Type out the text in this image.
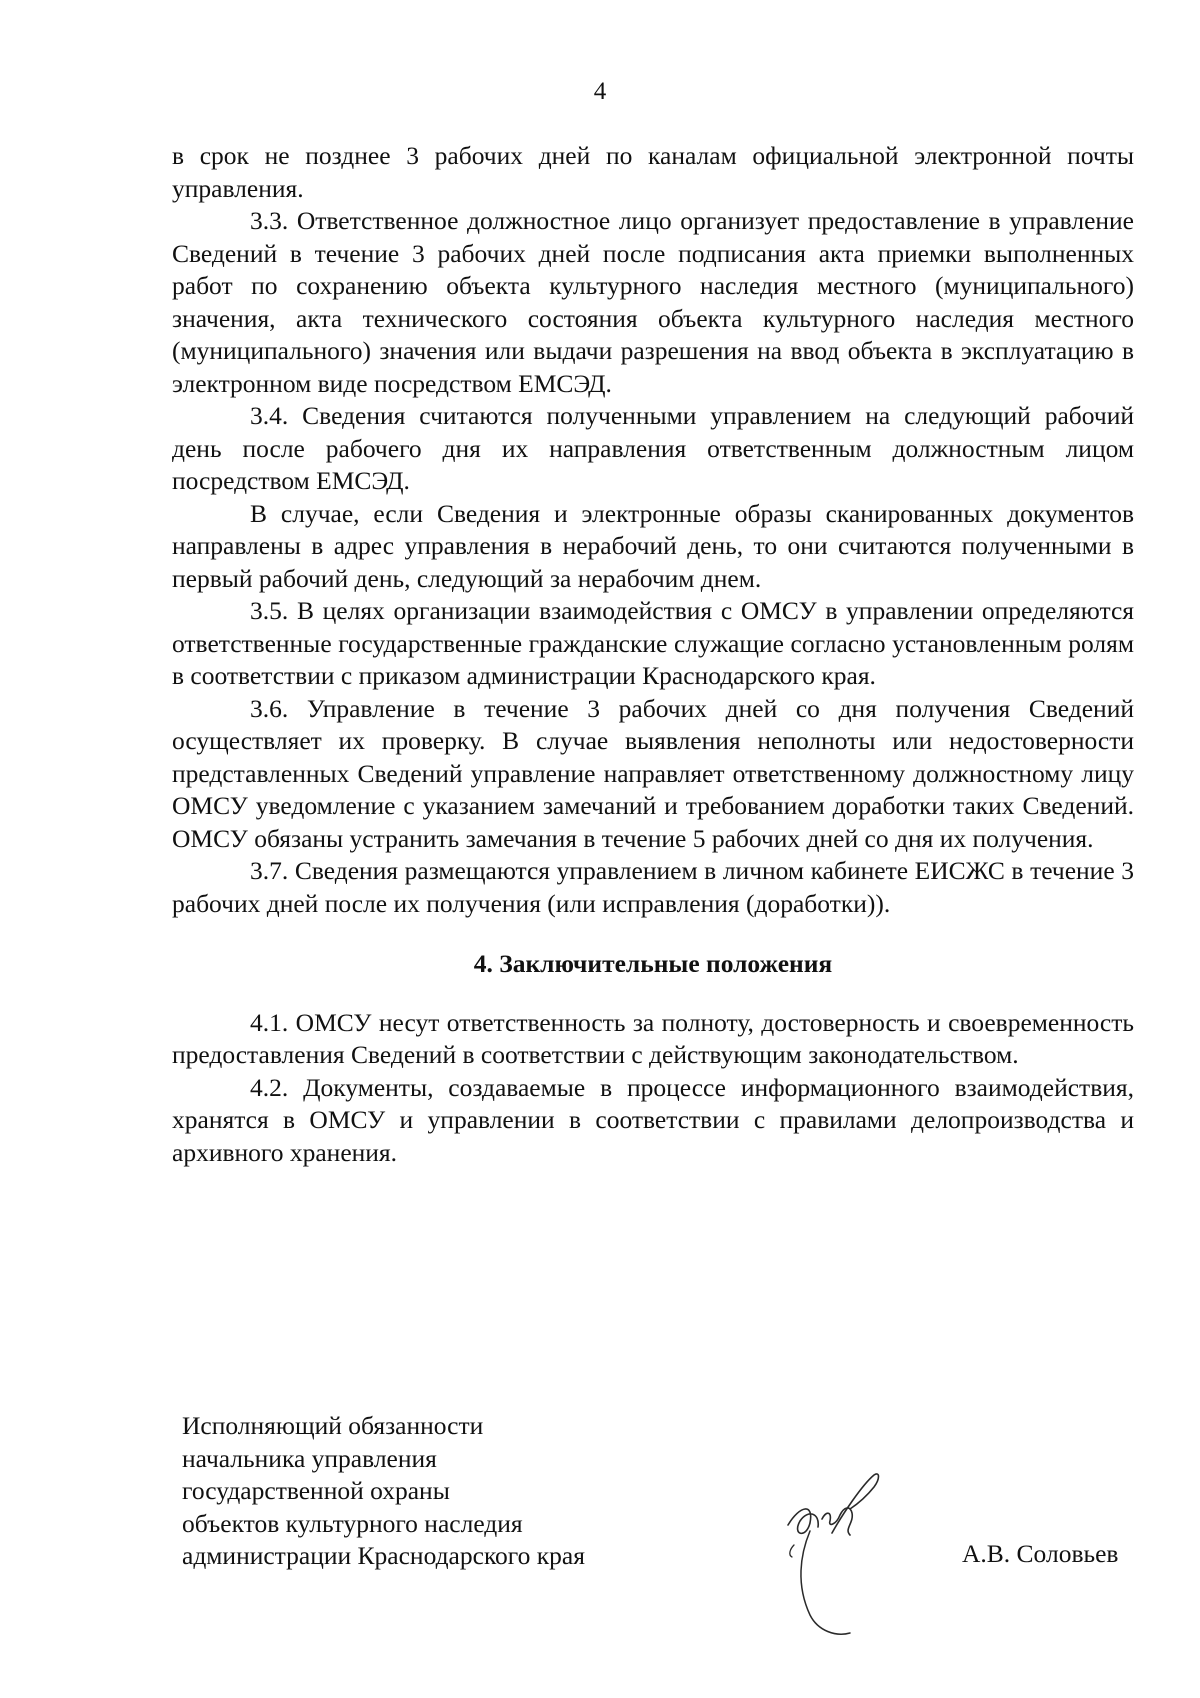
4

в срок не позднее 3 рабочих дней по каналам официальной электронной почты управления.

3.3. Ответственное должностное лицо организует предоставление в управление Сведений в течение 3 рабочих дней после подписания акта приемки выполненных работ по сохранению объекта культурного наследия местного (муниципального) значения, акта технического состояния объекта культурного наследия местного (муниципального) значения или выдачи разрешения на ввод объекта в эксплуатацию в электронном виде посредством ЕМСЭД.

3.4. Сведения считаются полученными управлением на следующий рабочий день после рабочего дня их направления ответственным должностным лицом посредством ЕМСЭД.

В случае, если Сведения и электронные образы сканированных документов направлены в адрес управления в нерабочий день, то они считаются полученными в первый рабочий день, следующий за нерабочим днем.

3.5. В целях организации взаимодействия с ОМСУ в управлении определяются ответственные государственные гражданские служащие согласно установленным ролям в соответствии с приказом администрации Краснодарского края.

3.6. Управление в течение 3 рабочих дней со дня получения Сведений осуществляет их проверку. В случае выявления неполноты или недостоверности представленных Сведений управление направляет ответственному должностному лицу ОМСУ уведомление с указанием замечаний и требованием доработки таких Сведений. ОМСУ обязаны устранить замечания в течение 5 рабочих дней со дня их получения.

3.7. Сведения размещаются управлением в личном кабинете ЕИСЖС в течение 3 рабочих дней после их получения (или исправления (доработки)).

4. Заключительные положения

4.1. ОМСУ несут ответственность за полноту, достоверность и своевременность предоставления Сведений в соответствии с действующим законодательством.

4.2. Документы, создаваемые в процессе информационного взаимодействия, хранятся в ОМСУ и управлении в соответствии с правилами делопроизводства и архивного хранения.

Исполняющий обязанности
начальника управления
государственной охраны
объектов культурного наследия
администрации Краснодарского края	А.В. Соловьев
